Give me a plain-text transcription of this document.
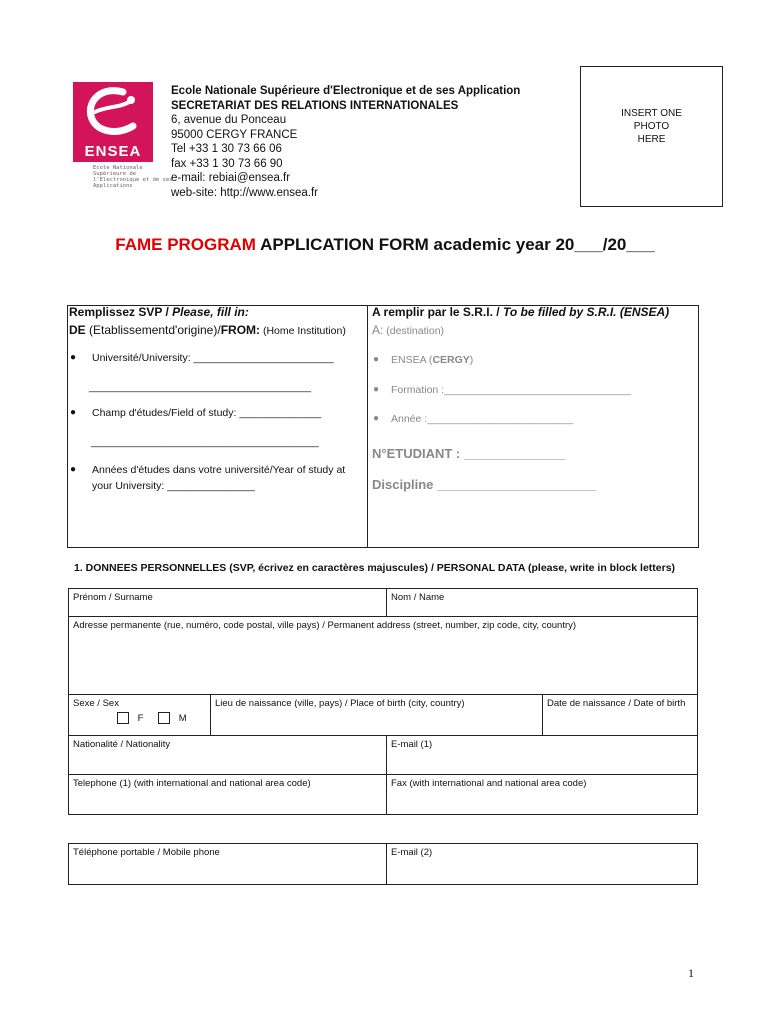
ENSEA
Ecole Nationale Supérieure de l'Electronique et de ses Applications
Ecole Nationale Supérieure d'Electronique et de ses Application
SECRETARIAT DES RELATIONS INTERNATIONALES
6, avenue du Ponceau
95000 CERGY FRANCE
Tel +33 1 30 73 66 06
fax +33 1 30 73 66 90
e-mail: rebiai@ensea.fr
web-site: http://www.ensea.fr
INSERT ONE
PHOTO
HERE
FAME PROGRAM APPLICATION FORM academic year 20___/20___
Remplissez SVP / Please, fill in:
DE (Etablissementd'origine)/FROM: (Home Institution)
● Université/University: ________________________
______________________________________
● Champ d'études/Field of study: ______________
_______________________________________
● Années d'études dans votre université/Year of study at
your University: _______________
A remplir par le S.R.I. / To be filled by S.R.I. (ENSEA)
A: (destination)
● ENSEA (CERGY)
● Formation :________________________________
● Année :_________________________
N°ETUDIANT : ______________
Discipline ______________________
1. DONNEES PERSONNELLES (SVP, écrivez en caractères majuscules) / PERSONAL DATA (please, write in block letters)
Prénom / Surname	Nom / Name
Adresse permanente (rue, numéro, code postal, ville pays) / Permanent address (street, number, zip code, city, country)
Sexe / Sex
F	M
Lieu de naissance (ville, pays) / Place of birth (city, country)	Date de naissance / Date of birth
Nationalité / Nationality	E-mail (1)
Telephone (1) (with international and national area code)	Fax (with international and national area code)
Téléphone portable / Mobile phone	E-mail (2)
1
